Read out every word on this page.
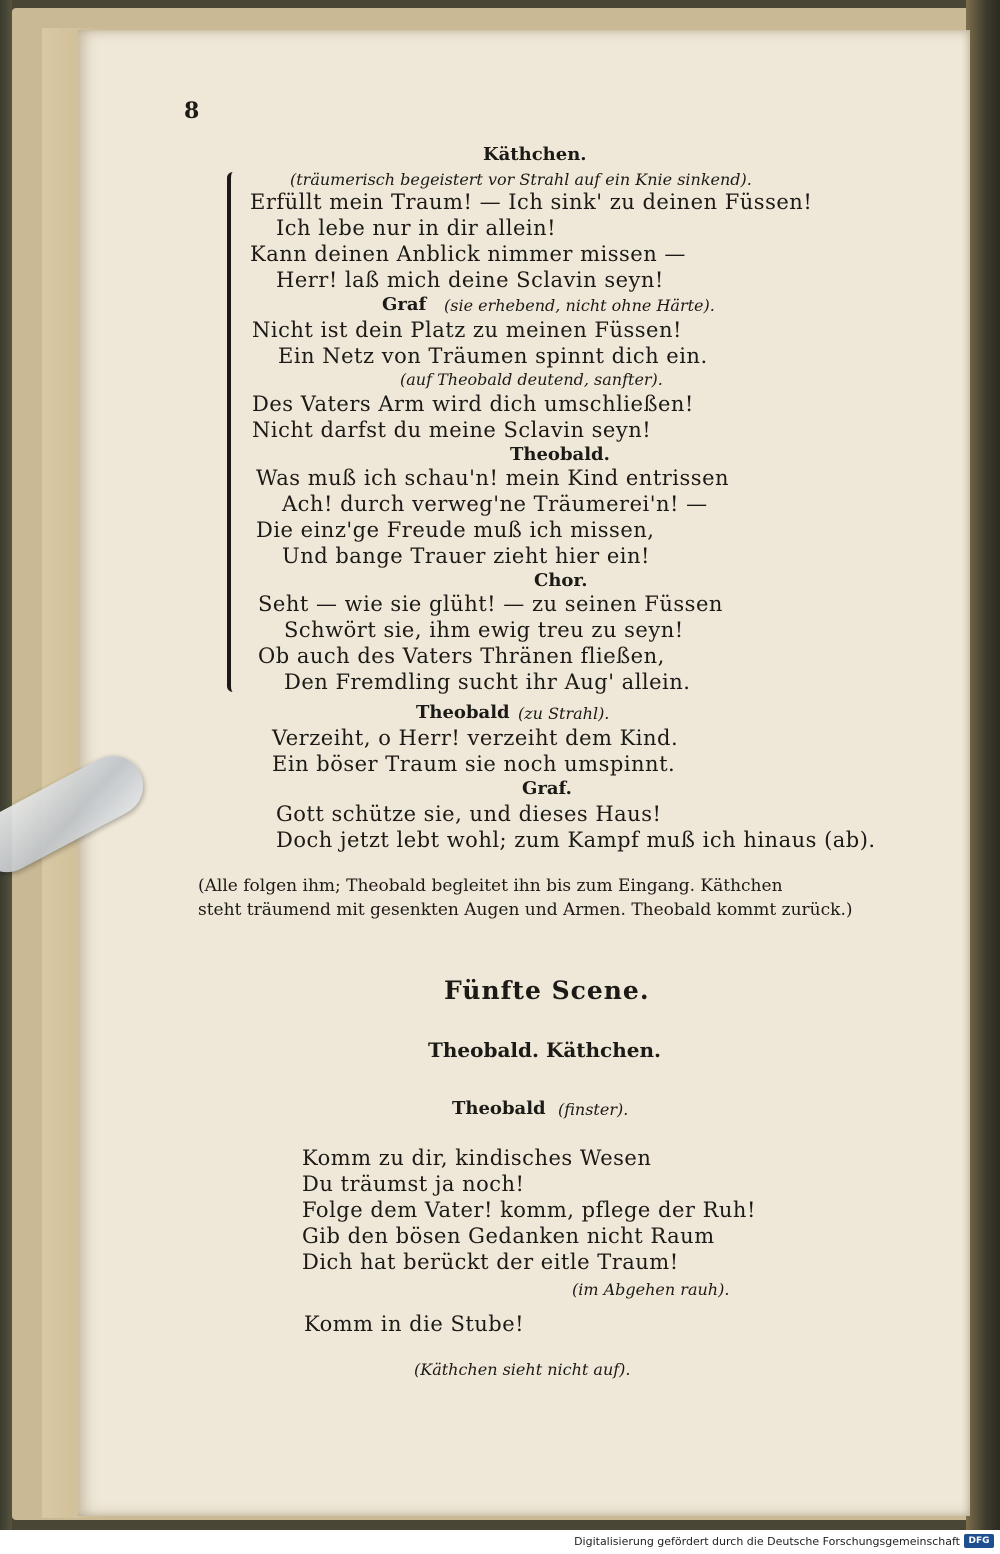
8
Käthchen.
(träumerisch begeistert vor Strahl auf ein Knie sinkend).
Erfüllt mein Traum! — Ich sink' zu deinen Füssen!
Ich lebe nur in dir allein!
Kann deinen Anblick nimmer missen —
Herr! laß mich deine Sclavin seyn!
Graf (sie erhebend, nicht ohne Härte).
Nicht ist dein Platz zu meinen Füssen!
Ein Netz von Träumen spinnt dich ein.
(auf Theobald deutend, sanfter).
Des Vaters Arm wird dich umschließen!
Nicht darfst du meine Sclavin seyn!
Theobald.
Was muß ich schau'n! mein Kind entrissen
Ach! durch verweg'ne Träumerei'n! —
Die einz'ge Freude muß ich missen,
Und bange Trauer zieht hier ein!
Chor.
Seht — wie sie glüht! — zu seinen Füssen
Schwört sie, ihm ewig treu zu seyn!
Ob auch des Vaters Thränen fließen,
Den Fremdling sucht ihr Aug' allein.
Theobald (zu Strahl).
Verzeiht, o Herr! verzeiht dem Kind.
Ein böser Traum sie noch umspinnt.
Graf.
Gott schütze sie, und dieses Haus!
Doch jetzt lebt wohl; zum Kampf muß ich hinaus (ab).
(Alle folgen ihm; Theobald begleitet ihn bis zum Eingang. Käthchen
steht träumend mit gesenkten Augen und Armen. Theobald kommt zurück.)
Fünfte Scene.
Theobald. Käthchen.
Theobald (finster).
Komm zu dir, kindisches Wesen
Du träumst ja noch!
Folge dem Vater! komm, pflege der Ruh!
Gib den bösen Gedanken nicht Raum
Dich hat berückt der eitle Traum!
(im Abgehen rauh).
Komm in die Stube!
(Käthchen sieht nicht auf).
Digitalisierung gefördert durch die Deutsche Forschungsgemeinschaft DFG
